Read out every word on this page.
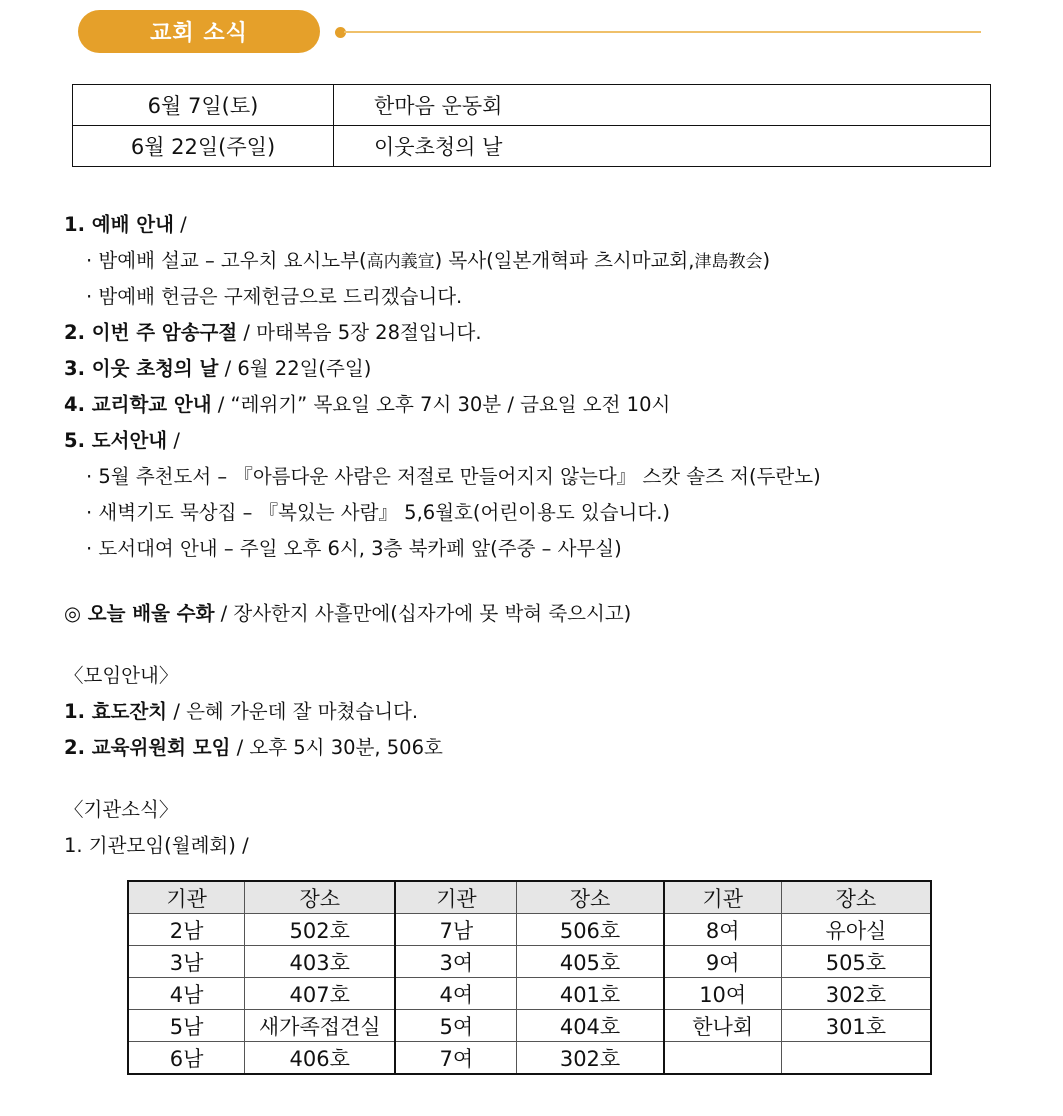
교회 소식
6월 7일(토)	한마음 운동회
6월 22일(주일)	이웃초청의 날
1. 예배 안내 /
· 밤예배 설교 – 고우치 요시노부(高内義宣) 목사(일본개혁파 츠시마교회,津島教会)
· 밤예배 헌금은 구제헌금으로 드리겠습니다.
2. 이번 주 암송구절 / 마태복음 5장 28절입니다.
3. 이웃 초청의 날 / 6월 22일(주일)
4. 교리학교 안내 / “레위기” 목요일 오후 7시 30분 / 금요일 오전 10시
5. 도서안내 /
· 5월 추천도서 – 『아름다운 사람은 저절로 만들어지지 않는다』 스캇 솔즈 저(두란노)
· 새벽기도 묵상집 – 『복있는 사람』 5,6월호(어린이용도 있습니다.)
· 도서대여 안내 – 주일 오후 6시, 3층 북카페 앞(주중 – 사무실)
◎ 오늘 배울 수화 / 장사한지 사흘만에(십자가에 못 박혀 죽으시고)
〈모임안내〉
1. 효도잔치 / 은혜 가운데 잘 마쳤습니다.
2. 교육위원회 모임 / 오후 5시 30분, 506호
〈기관소식〉
1. 기관모임(월례회) /
기관	장소	기관	장소	기관	장소
2남	502호	7남	506호	8여	유아실
3남	403호	3여	405호	9여	505호
4남	407호	4여	401호	10여	302호
5남	새가족접견실	5여	404호	한나회	301호
6남	406호	7여	302호		
